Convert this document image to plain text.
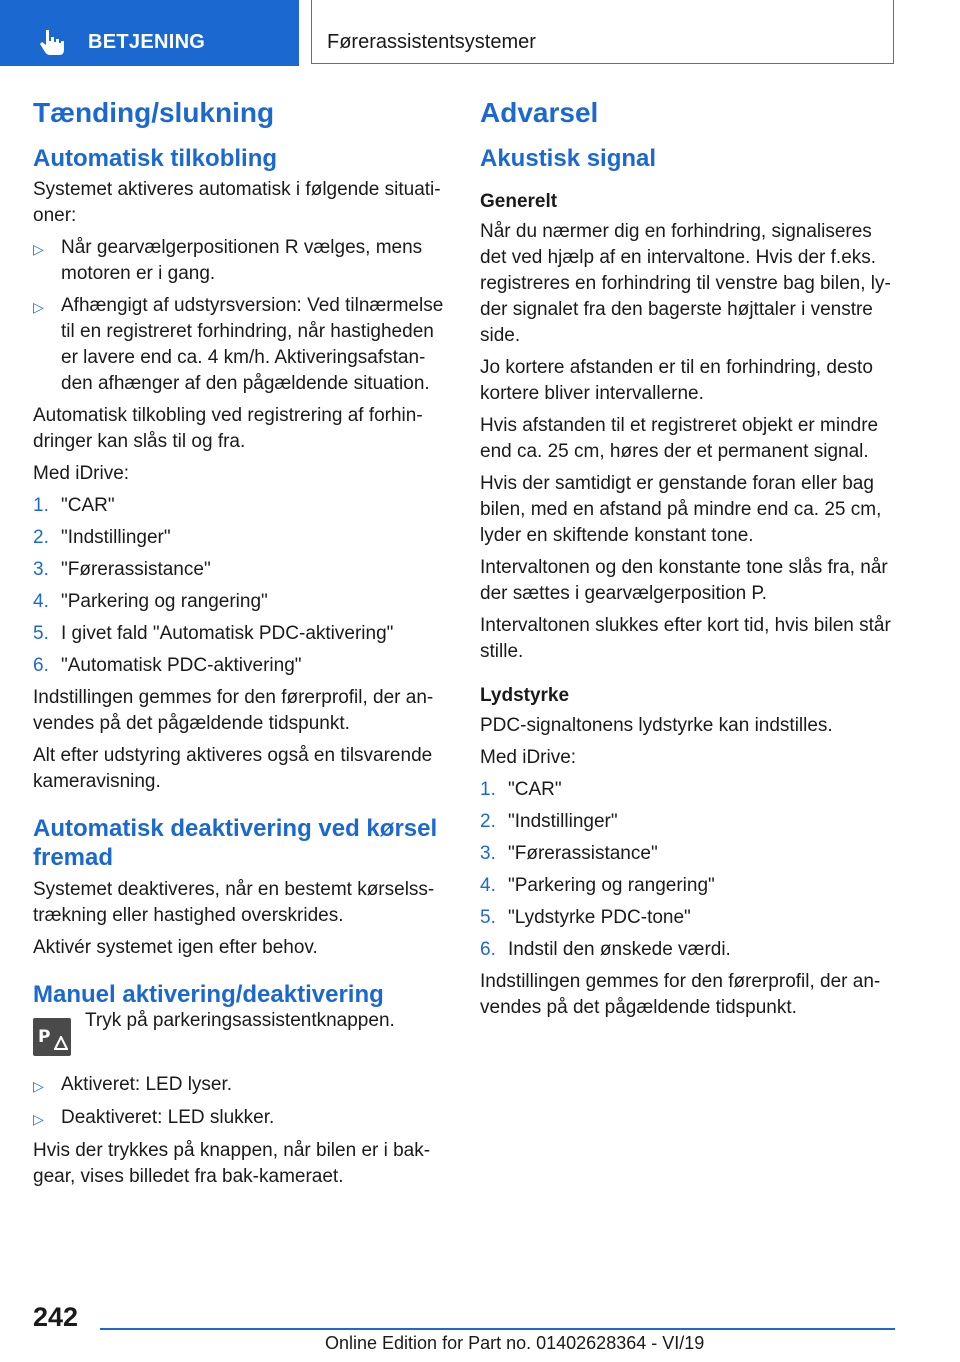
BETJENING	Førerassistentsystemer
Tænding/slukning
Automatisk tilkobling

Systemet aktiveres automatisk i følgende situati-oner:

▷ Når gearvælgerpositionen R vælges, mens motoren er i gang.
▷ Afhængigt af udstyrsversion: Ved tilnærmelse til en registreret forhindring, når hastigheden er lavere end ca. 4 km/h. Aktiveringsafstan-den afhænger af den pågældende situation.

Automatisk tilkobling ved registrering af forhin-dringer kan slås til og fra.

Med iDrive:

1. "CAR"
2. "Indstillinger"
3. "Førerassistance"
4. "Parkering og rangering"
5. I givet fald "Automatisk PDC-aktivering"
6. "Automatisk PDC-aktivering"

Indstillingen gemmes for den førerprofil, der an-vendes på det pågældende tidspunkt.

Alt efter udstyring aktiveres også en tilsvarende kameravisning.

Automatisk deaktivering ved kørsel fremad

Systemet deaktiveres, når en bestemt kørselss-trækning eller hastighed overskrides.

Aktivér systemet igen efter behov.

Manuel aktivering/deaktivering
P
Tryk på parkeringsassistentknappen.
▷ Aktiveret: LED lyser.
▷ Deaktiveret: LED slukker.

Hvis der trykkes på knappen, når bilen er i bak-gear, vises billedet fra bak-kameraet.

Advarsel
Akustisk signal
Generelt

Når du nærmer dig en forhindring, signaliseres det ved hjælp af en intervaltone. Hvis der f.eks. registreres en forhindring til venstre bag bilen, ly-der signalet fra den bagerste højttaler i venstre side.

Jo kortere afstanden er til en forhindring, desto kortere bliver intervallerne.

Hvis afstanden til et registreret objekt er mindre end ca. 25 cm, høres der et permanent signal.

Hvis der samtidigt er genstande foran eller bag bilen, med en afstand på mindre end ca. 25 cm, lyder en skiftende konstant tone.

Intervaltonen og den konstante tone slås fra, når der sættes i gearvælgerposition P.

Intervaltonen slukkes efter kort tid, hvis bilen står stille.

Lydstyrke

PDC-signaltonens lydstyrke kan indstilles.

Med iDrive:

1. "CAR"
2. "Indstillinger"
3. "Førerassistance"
4. "Parkering og rangering"
5. "Lydstyrke PDC-tone"
6. Indstil den ønskede værdi.

Indstillingen gemmes for den førerprofil, der an-vendes på det pågældende tidspunkt.

242
Online Edition for Part no. 01402628364 - VI/19
